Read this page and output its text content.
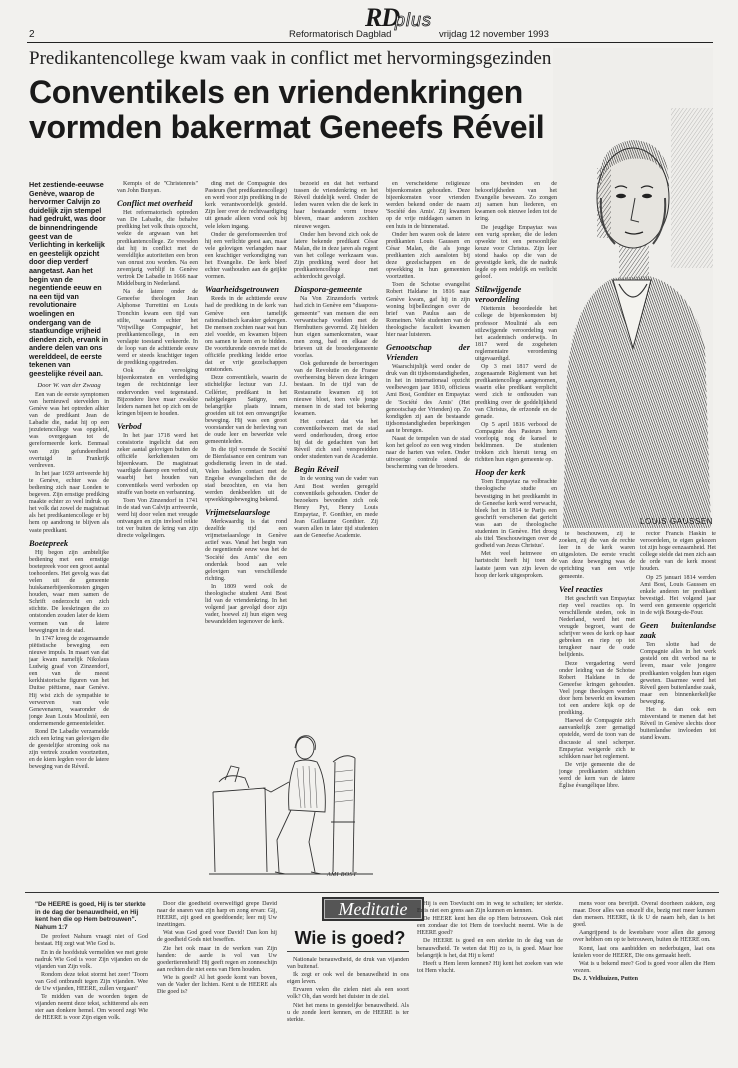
RD
plus
2	Reformatorisch Dagblad	vrijdag 12 november 1993
Predikantencollege kwam vaak in conflict met hervormingsgezinden
Conventikels en vriendenkringen
vormden bakermat Geneefs Réveil
LOUIS GAUSSEN
Het zestiende-eeuwse Genève, waarop de hervormer Calvijn zo duidelijk zijn stempel had gedrukt, was door de binnendringende geest van de Verlichting in kerkelijk en geestelijk opzicht door diep verderf aangetast. Aan het begin van de negentiende eeuw en na een tijd van revolutionaire woelingen en ondergang van de staatkundige vrijheid dienden zich, ervank in andere delen van ons werelddeel, de eerste tekenen van geestelijke réveil aan.
Door W. van der Zwaag

Een van de eerste symptomen van hernieuwd stervelden in Genève was het optreden alhier van de predikant Jean de Labadie die, nadat hij op een jezuïetencollege was opgeleid, was overgegaan tot de gereformeerde kerk. Eenmaal van zijn gefundeerdheid overtuigd in Frankrijk verdreven.

In het jaar 1659 arriveerde hij te Genève, echter was de bediening zich naar Londen te begeven. Zijn ernstige prediking maakte echter zo veel indruk op het volk dat zowel de magistraat als het predikantencollege er bij hem op aandrong te blijven als vaste predikant.

Boetepreek

Hij begon zijn ambtelijke bediening met een ernstige boetepreek voor een groot aantal toehoorders. Het gevolg was dat velen uit de gemeente huiskamerbijeenkomsten gingen houden, waar men samen de Schrift onderzocht en zich stichtte. De leeskringen die zo ontstonden zouden later de kiem vormen van de latere bewegingen in de stad.

In 1747 kreeg de zogenaamde piëtistische beweging een nieuwe impuls. In maart van dat jaar kwam namelijk Nikolaus Ludwig graaf von Zinzendorf, een van de meest kerkhistorische figuren van het Duitse piëtisme, naar Genève. Hij wist zich de sympathie te verwerven van vele Genevenaren, waaronder de jonge Jean Louis Moulinié, een ondernemende gemeenteleider.

Rond De Labadie verzamelde zich een kring van gelovigen die de geestelijke stroming ook na zijn vertrek zouden voortzetten, en de kiem legden voor de latere beweging van de Réveil.

Kempis of de "Christenreis" van John Bunyan.

Conflict met overheid

Het reformatorisch optreden van De Labadie, die behalve prediking het volk thuis opzocht, wekte de argwaan van het predikantencollege. Ze vreesden dat hij in conflict met de wereldlijke autoriteiten een bron van onrust zou worden. Na een zevenjarig verblijf in Genève vertrok De Labadie in 1666 naar Middelburg in Nederland.

Na de latere onder de Geneefse theologen Jean Alphonse Turrettini en Louis Tronchin kwam een tijd van stilte, waarin echter het 'Vrijwillige Compagnie', het predikantencollege, in een verslapte toestand verkeerde. In de loop van de achttiende eeuw werd er steeds krachtiger tegen de prediking opgetreden.

Ook de vervolging bijeenkomsten en verdediging tegen de rechtzinnige leer ondervonden veel tegenstand. Bijzondere lieve maar zwakke leiders namen het op zich om de kringen bijeen te houden.

Verbod

In het jaar 1718 werd het consistorie ingelicht dat een zeker aantal gelovigen buiten de officiële kerkdiensten om bijeenkwam. De magistraat vaardigde daarop een verbod uit, waarbij het houden van conventikels werd verboden op straffe van boete en verbanning.

Toen Von Zinzendorf in 1741 in de stad van Calvijn arriveerde, werd hij door velen met vreugde ontvangen en zijn invloed reikte tot ver buiten de kring van zijn directe volgelingen.

ding met de Compagnie des Pasteurs (het predikantencollege) en werd voor zijn prediking in de kerk verantwoordelijk gesteld. Zijn leer over de rechtvaardiging uit genade alleen vond ook bij vele leken ingang.

Onder de gereformeerden trof hij een verlichte geest aan, maar vele gelovigen verlangden naar een krachtiger verkondiging van het Evangelie. De kerk bleef echter vasthouden aan de geijkte vormen.

Waarheidsgetrouwen

Reeds in de achttiende eeuw had de prediking in de kerk van Genève een tamelijk rationalistisch karakter gekregen. De mensen zochten naar wat hun ziel voedde, en kwamen bijeen om samen te lezen en te bidden. De voortdurende onvrede met de officiële prediking leidde ertoe dat er vrije gezelschappen ontstonden.

Deze conventikels, waarin de stichtelijke lectuur van J.J. Cellérier, predikant in het nabijgelegen Satigny, een belangrijke plaats innam, groeiden uit tot een omvangrijke beweging. Hij was een groot voorstander van de herleving van de oude leer en bewerkte vele gemeenteleden.

In die tijd vormde de Société de Bienfaisance een centrum van godsdienstig leven in de stad. Velen hadden contact met de Engelse evangelischen die de stad bezochten, en via hen werden denkbeelden uit de opwekkingsbeweging bekend.

Vrijmetselaarsloge

Merkwaardig is dat rond dezelfde tijd een vrijmetselaarsloge in Genève actief was. Vanaf het begin van de negentiende eeuw was het de 'Société des Amis' die een onderdak bood aan vele gelovigen van verschillende richting.

In 1809 werd ook de theologische student Ami Bost lid van de vriendenkring. In het volgend jaar gevolgd door zijn vader, hoewel zij hun eigen weg bewandelden tegenover de kerk.

bezoeid en dat het verband tussen de vriendenkring en het Réveil duidelijk werd. Onder de leden waren velen die de kerk in haar bestaande vorm trouw bleven, maar anderen zochten nieuwe wegen.

Onder hen bevond zich ook de latere bekende predikant César Malan, die in deze jaren als regent van het college werkzaam was. Zijn prediking werd door het predikantencollege met achterdocht gevolgd.

Diaspora-gemeente

Na Von Zinzendorfs vertrek had zich in Genève een "diaspora-gemeente" van mensen die een verwantschap voelden met de Hernhutters gevormd. Zij hielden hun eigen samenkomsten, waar men zong, bad en elkaar de brieven uit de broedergemeente voorlas.

Ook gedurende de beroeringen van de Revolutie en de Franse overheersing bleven deze kringen bestaan. In de tijd van de Restauratie kwamen zij tot nieuwe bloei, toen vele jonge mensen in de stad tot bekering kwamen.

Het contact dat via het conventikelwezen met de stad werd onderhouden, droeg ertoe bij dat de gedachten van het Réveil zich snel verspreidden onder studenten van de Academie.

Begin Réveil

In de woning van de vader van Ami Bost werden geregeld conventikels gehouden. Onder de bezoekers bevonden zich ook Henry Pyt, Henry Louis Empaytaz, F. Gonthier, en mede Jean Guillaume Gonthier. Zij waren allen in later tijd studenten aan de Geneefse Academie.

en verscheidene religieuze bijeenkomsten gehouden. Deze bijeenkomsten voor vrienden werden bekend onder de naam 'Société des Amis'. Zij kwamen op de vrije middagen samen in een huis in de binnenstad.

Onder hen waren ook de latere predikanten Louis Gaussen en César Malan, die als jonge predikanten zich aansloten bij deze gezelschappen en de opwekking in hun gemeenten voortzetten.

Toen de Schotse evangelist Robert Haldane in 1816 naar Genève kwam, gaf hij in zijn woning bijbellezingen over de brief van Paulus aan de Romeinen. Vele studenten van de theologische faculteit kwamen hier naar luisteren.

Genootschap der Vrienden

Waarschijnlijk werd onder de druk van dit tijdsomstandigheden, in het in internationaal opzicht veelbewogen jaar 1810, officieus Ami Bost, Gonthier en Empaytaz de 'Société des Amis' (Het genootschap der Vrienden) op. Zo kondigden zij aan de bestaande tijdsomstandigheden beperkingen aan te brengen.

Naast de tempelen van de stad kon het geloof zo een weg vinden naar de harten van velen. Onder uitvoerige controle stond de bescherming van de broeders.

ons bevinden en de bekoorlijkheden van het Evangelie bewezen. Zo zongen zij samen hun liederen, en kwamen ook nieuwe leden tot de kring.

De jeugdige Empaytaz was een vurig spreker, die de leden opwekte tot een persoonlijke keuze voor Christus. Zijn leer stond haaks op die van de gevestigde kerk, die de nadruk legde op een redelijk en verlicht geloof.

Stilzwijgende veroordeling

Niettemin beoordeelde het college de bijeenkomsten bij professor Moulinié als een stilzwijgende veroordeling van het academisch onderwijs. In 1817 werd de zogeheten reglementaire verordening uitgevaardigd.

Op 3 mei 1817 werd de zogenaamde Règlement van het predikantencollege aangenomen, waarin elke predikant verplicht werd zich te onthouden van prediking over de goddelijkheid van Christus, de erfzonde en de genade.

Op 5 april 1816 verbood de Compagnie des Pasteurs hem voorlopig nog de kansel te beklimmen. De studenten trokken zich hieruit terug en richtten hun eigen gemeente op.

Hoop der kerk

Toen Empaytaz na volbrachte theologische studie en bevestiging in het predikambt in de Geneefse kerk werd verwacht, bleek het in 1814 te Parijs een geschrift verschenen dat gericht was aan de theologische studenten in Genève. Het droeg als titel 'Beschouwingen over de godheid van Jezus Christus'.

Met veel heimwee en hartstocht heeft hij toen de laatste jaren van zijn leven de hoop der kerk uitgesproken.

te beschouwen, zij te zoeken, zij die van de rechte leer in de kerk waren uitgesloten. De eerste vrucht van deze beweging was de oprichting van een vrije gemeente.

Veel reacties

Het geschrift van Empaytaz riep veel reacties op. In verschillende steden, ook in Nederland, werd het met vreugde begroet, want de schrijver wees de kerk op haar gebreken en riep op tot terugkeer naar de oude belijdenis.

Deze vergadering werd onder leiding van de Schotse Robert Haldane in de Geneefse kringen gehouden. Veel jonge theologen werden door hem bewerkt en kwamen tot een andere kijk op de prediking.

Haewel de Compagnie zich aanvankelijk zeer gematigd opstelde, werd de toon van de discussie al snel scherper. Empaytaz weigerde zich te schikken naar het reglement.

De vrije gemeente die de jonge predikanten stichtten werd de kern van de latere Église évangélique libre.

rector Francis Haskin te veroordelen, te eigen gekozen tot zijn hoge eenzaamheid. Het college stelde dat men zich aan de orde van de kerk moest houden.

Op 25 januari 1814 werden Ami Bost, Louis Gaussen en enkele anderen ter predikant bevestigd. Het volgend jaar werd een gemeente opgericht in de wijk Bourg-de-Four.

Geen buitenlandse zaak

Ten slotte had de Compagnie alles in het werk gesteld om dit verbod na te leven, maar vele jongere predikanten volgden hun eigen geweten. Daarmee werd het Réveil geen buitenlandse zaak, maar een binnenkerkelijke beweging.

Het is dan ook een misverstand te menen dat het Réveil in Genève slechts door buitenlandse invloeden tot stand kwam.

AMI BOST
Meditatie
Wie is goed?

"De HEERE is goed, Hij is ter sterkte in de dag der benauwdheid, en Hij kent hen die op Hem betrouwen". Nahum 1:7

De profeet Nahum vraagt niet of God bestaat. Hij zegt wat Wie God is.

En in de hoofdstuk vermelden we met grote nadruk Wie God is voor Zijn vijanden en de vijanden van Zijn volk.

Rondom deze tekst stormt het zeer! 'Toorn van God ontbrandt tegen Zijn vijanden. Wee de Uw vijanden, HEERE, zullen vergaan!'

Te midden van de woorden tegen de vijanden neemt deze tekst, schitterend als een ster aan donkere hemel. Om woord zegt Wie de HEERE is voor Zijn eigen volk.

Door die goedheid overwelfigd grepe David naar de snaren van zijn harp en zong ervan: Gij, HEERE, zijt goed en goeddoende; leer mij Uw inzettingen.

Wat was God goed voor David! Dan kon hij de goedheid Gods niet beseffen.

Zie het ook maar in de werken van Zijn handen: de aarde is vol van Uw goedertierenheid! Hij geeft regen en zonneschijn aan rechten die niet eens van Hem houden.

Wie is goed? Al het goede komt van boven, van de Vader der lichten. Kent u de HEERE als Die goed is?

Nationale benauwdheid, de druk van vijanden van buitenaf.

Ik zegt er ook wel de benauwdheid in ons eigen leven.

Ervaren velen die zielen niet als een soort volk? Oh, dan wordt het duister in de ziel.

Niet het mens in geestelijke benauwdheid. Als u de zonde leert kennen, en de HEERE is ter sterkte.

Hij is een Toevlucht om in weg te schuilen; ter sterkte. Er is niet een grens aan Zijn kunnen en kennen.

De HEERE kent hen die op Hem betrouwen. Ook niet een zondaar die tot Hem de toevlucht neemt. Wie is de HEERE goed?

De HEERE is goed en een sterkte in de dag van de benauwdheid. Te weten dat Hij zo is, is goed. Maar hoe belangrijk is het, dat Hij u kent!

Heeft u Hem leren kennen? Hij kent het zoeken van wie tot Hem vlucht.

mens voor ons bevrijdt. Overal doorheen zakken, zeg maar. Door alles van onszelf die, bezig met meer kunnen dan mensen. HEERE, ik ik U de naam heb, dan is het goed.

Aangrijpend is de kwetsbare voor allen die genoeg over hebben om op te betrouwen, buiten de HEERE om.

Komt, laat ons aanbidden en nederbuigen, laat ons knielen voor de HEERE, Die ons gemaakt heeft.

Wat is u bekend mee? God is goed voor allen die Hem vrezen.

Ds. J. Veldhuizen, Putten
